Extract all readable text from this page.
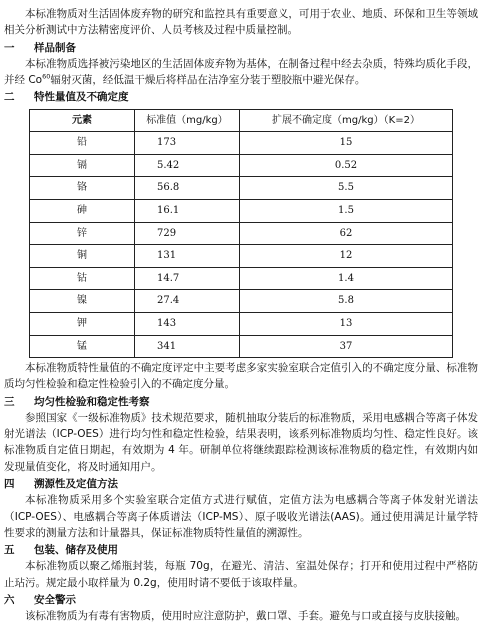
本标准物质对生活固体废弃物的研究和监控具有重要意义，可用于农业、地质、环保和卫生等领域相关分析测试中方法精密度评价、人员考核及过程中质量控制。

一	样品制备

本标准物质选择被污染地区的生活固体废弃物为基体，在制备过程中经去杂质，特殊均质化手段，并经 Co$^{60}$辐射灭菌，经低温干燥后将样品在洁净室分装于塑胶瓶中避光保存。

二	特性量值及不确定度
元素	标准值（mg/kg）	扩展不确定度（mg/kg）（K=2）
铅	173	15
镉	5.42	0.52
铬	56.8	5.5
砷	16.1	1.5
锌	729	62
铜	131	12
钴	14.7	1.4
镍	27.4	5.8
钾	143	13
锰	341	37

本标准物质特性量值的不确定度评定中主要考虑多家实验室联合定值引入的不确定度分量、标准物质均匀性检验和稳定性检验引入的不确定度分量。

三	均匀性检验和稳定性考察

参照国家《一级标准物质》技术规范要求，随机抽取分装后的标准物质，采用电感耦合等离子体发射光谱法（ICP-OES）进行均匀性和稳定性检验，结果表明，该系列标准物质均匀性、稳定性良好。该标准物质自定值日期起，有效期为 4 年。研制单位将继续跟踪检测该标准物质的稳定性，有效期内如发现量值变化，将及时通知用户。

四	溯源性及定值方法

本标准物质采用多个实验室联合定值方式进行赋值，定值方法为电感耦合等离子体发射光谱法（ICP-OES）、电感耦合等离子体质谱法（ICP-MS）、原子吸收光谱法(AAS)。通过使用满足计量学特性要求的测量方法和计量器具，保证标准物质特性量值的溯源性。

五	包装、储存及使用

本标准物质以聚乙烯瓶封装，每瓶 70g，在避光、清洁、室温处保存；打开和使用过程中严格防止玷污。规定最小取样量为 0.2g，使用时请不要低于该取样量。

六	安全警示

该标准物质为有毒有害物质，使用时应注意防护，戴口罩、手套。避免与口或直接与皮肤接触。
